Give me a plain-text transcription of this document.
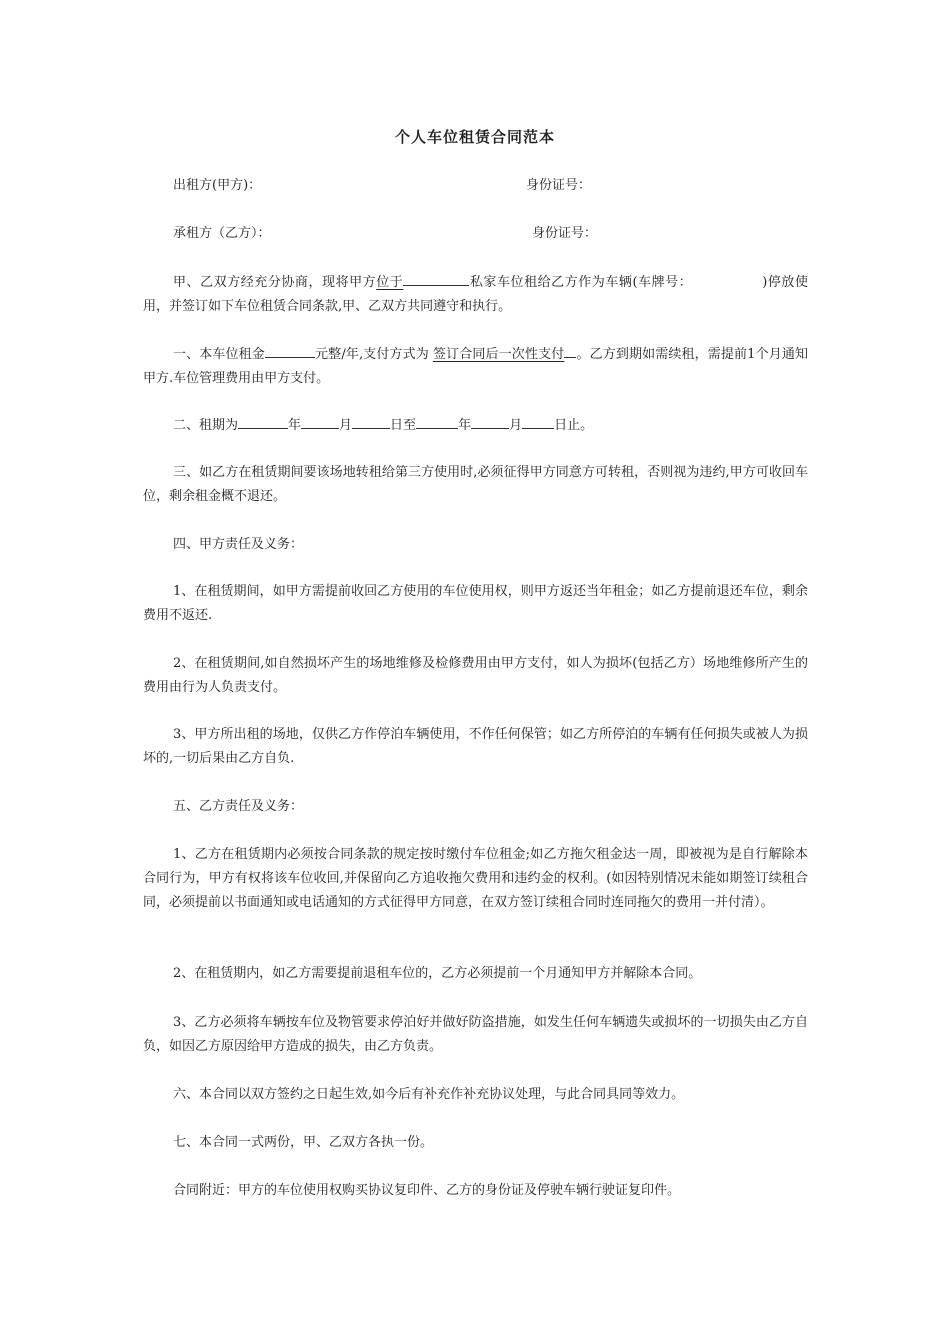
个人车位租赁合同范本
出租方(甲方)：	身份证号：
承租方（乙方）：	身份证号：
甲、乙双方经充分协商，现将甲方位于	私家车位租给乙方作为车辆(车牌号：	)停放使用，并签订如下车位租赁合同条款,甲、乙双方共同遵守和执行。
一、本车位租金	元整/年,支付方式为 签订合同后一次性支付 。乙方到期如需续租，需提前1个月通知甲方.车位管理费用由甲方支付。
二、租期为	年	月	日至	年	月 日止。
三、如乙方在租赁期间要该场地转租给第三方使用时,必须征得甲方同意方可转租，否则视为违约,甲方可收回车位，剩余租金概不退还。
四、甲方责任及义务：
1、在租赁期间，如甲方需提前收回乙方使用的车位使用权，则甲方返还当年租金；如乙方提前退还车位，剩余费用不返还.
2、在租赁期间,如自然损坏产生的场地维修及检修费用由甲方支付，如人为损坏(包括乙方）场地维修所产生的费用由行为人负责支付。
3、甲方所出租的场地，仅供乙方作停泊车辆使用，不作任何保管；如乙方所停泊的车辆有任何损失或被人为损坏的,一切后果由乙方自负.
五、乙方责任及义务：
1、乙方在租赁期内必须按合同条款的规定按时缴付车位租金;如乙方拖欠租金达一周，即被视为是自行解除本合同行为，甲方有权将该车位收回,并保留向乙方追收拖欠费用和违约金的权利。(如因特别情况未能如期签订续租合同，必须提前以书面通知或电话通知的方式征得甲方同意，在双方签订续租合同时连同拖欠的费用一并付清）。
2、在租赁期内，如乙方需要提前退租车位的，乙方必须提前一个月通知甲方并解除本合同。
3、乙方必须将车辆按车位及物管要求停泊好并做好防盗措施，如发生任何车辆遗失或损坏的一切损失由乙方自负，如因乙方原因给甲方造成的损失，由乙方负责。
六、本合同以双方签约之日起生效,如今后有补充作补充协议处理，与此合同具同等效力。
七、本合同一式两份，甲、乙双方各执一份。
合同附近：甲方的车位使用权购买协议复印件、乙方的身份证及停驶车辆行驶证复印件。
